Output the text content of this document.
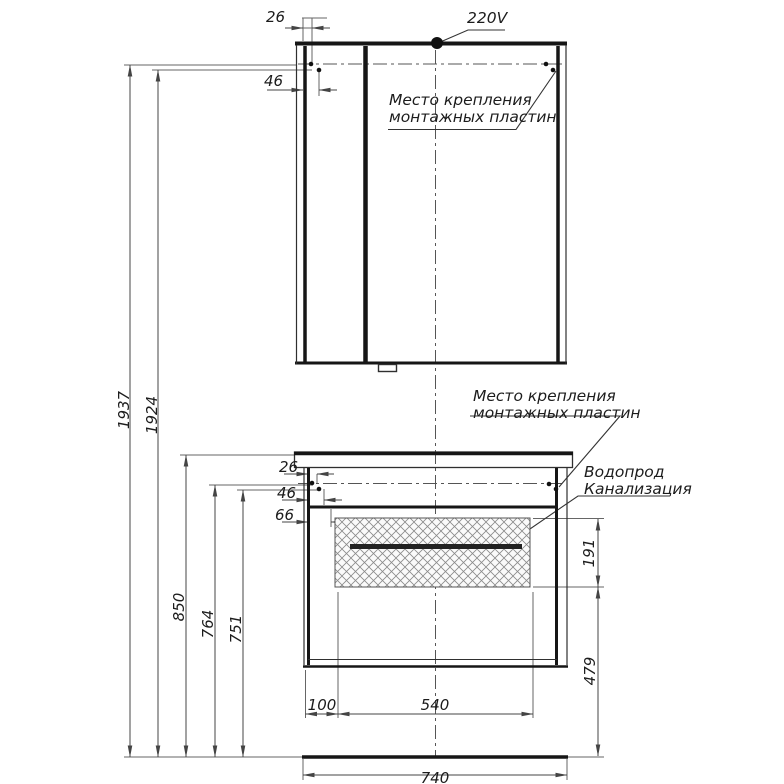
220V
Место крепления
монтажных пластин
Место крепления
монтажных пластин
Водопрод
Канализация
26
46
26
46
66
100	540
740
1937 1924
850
764 751
191
479
